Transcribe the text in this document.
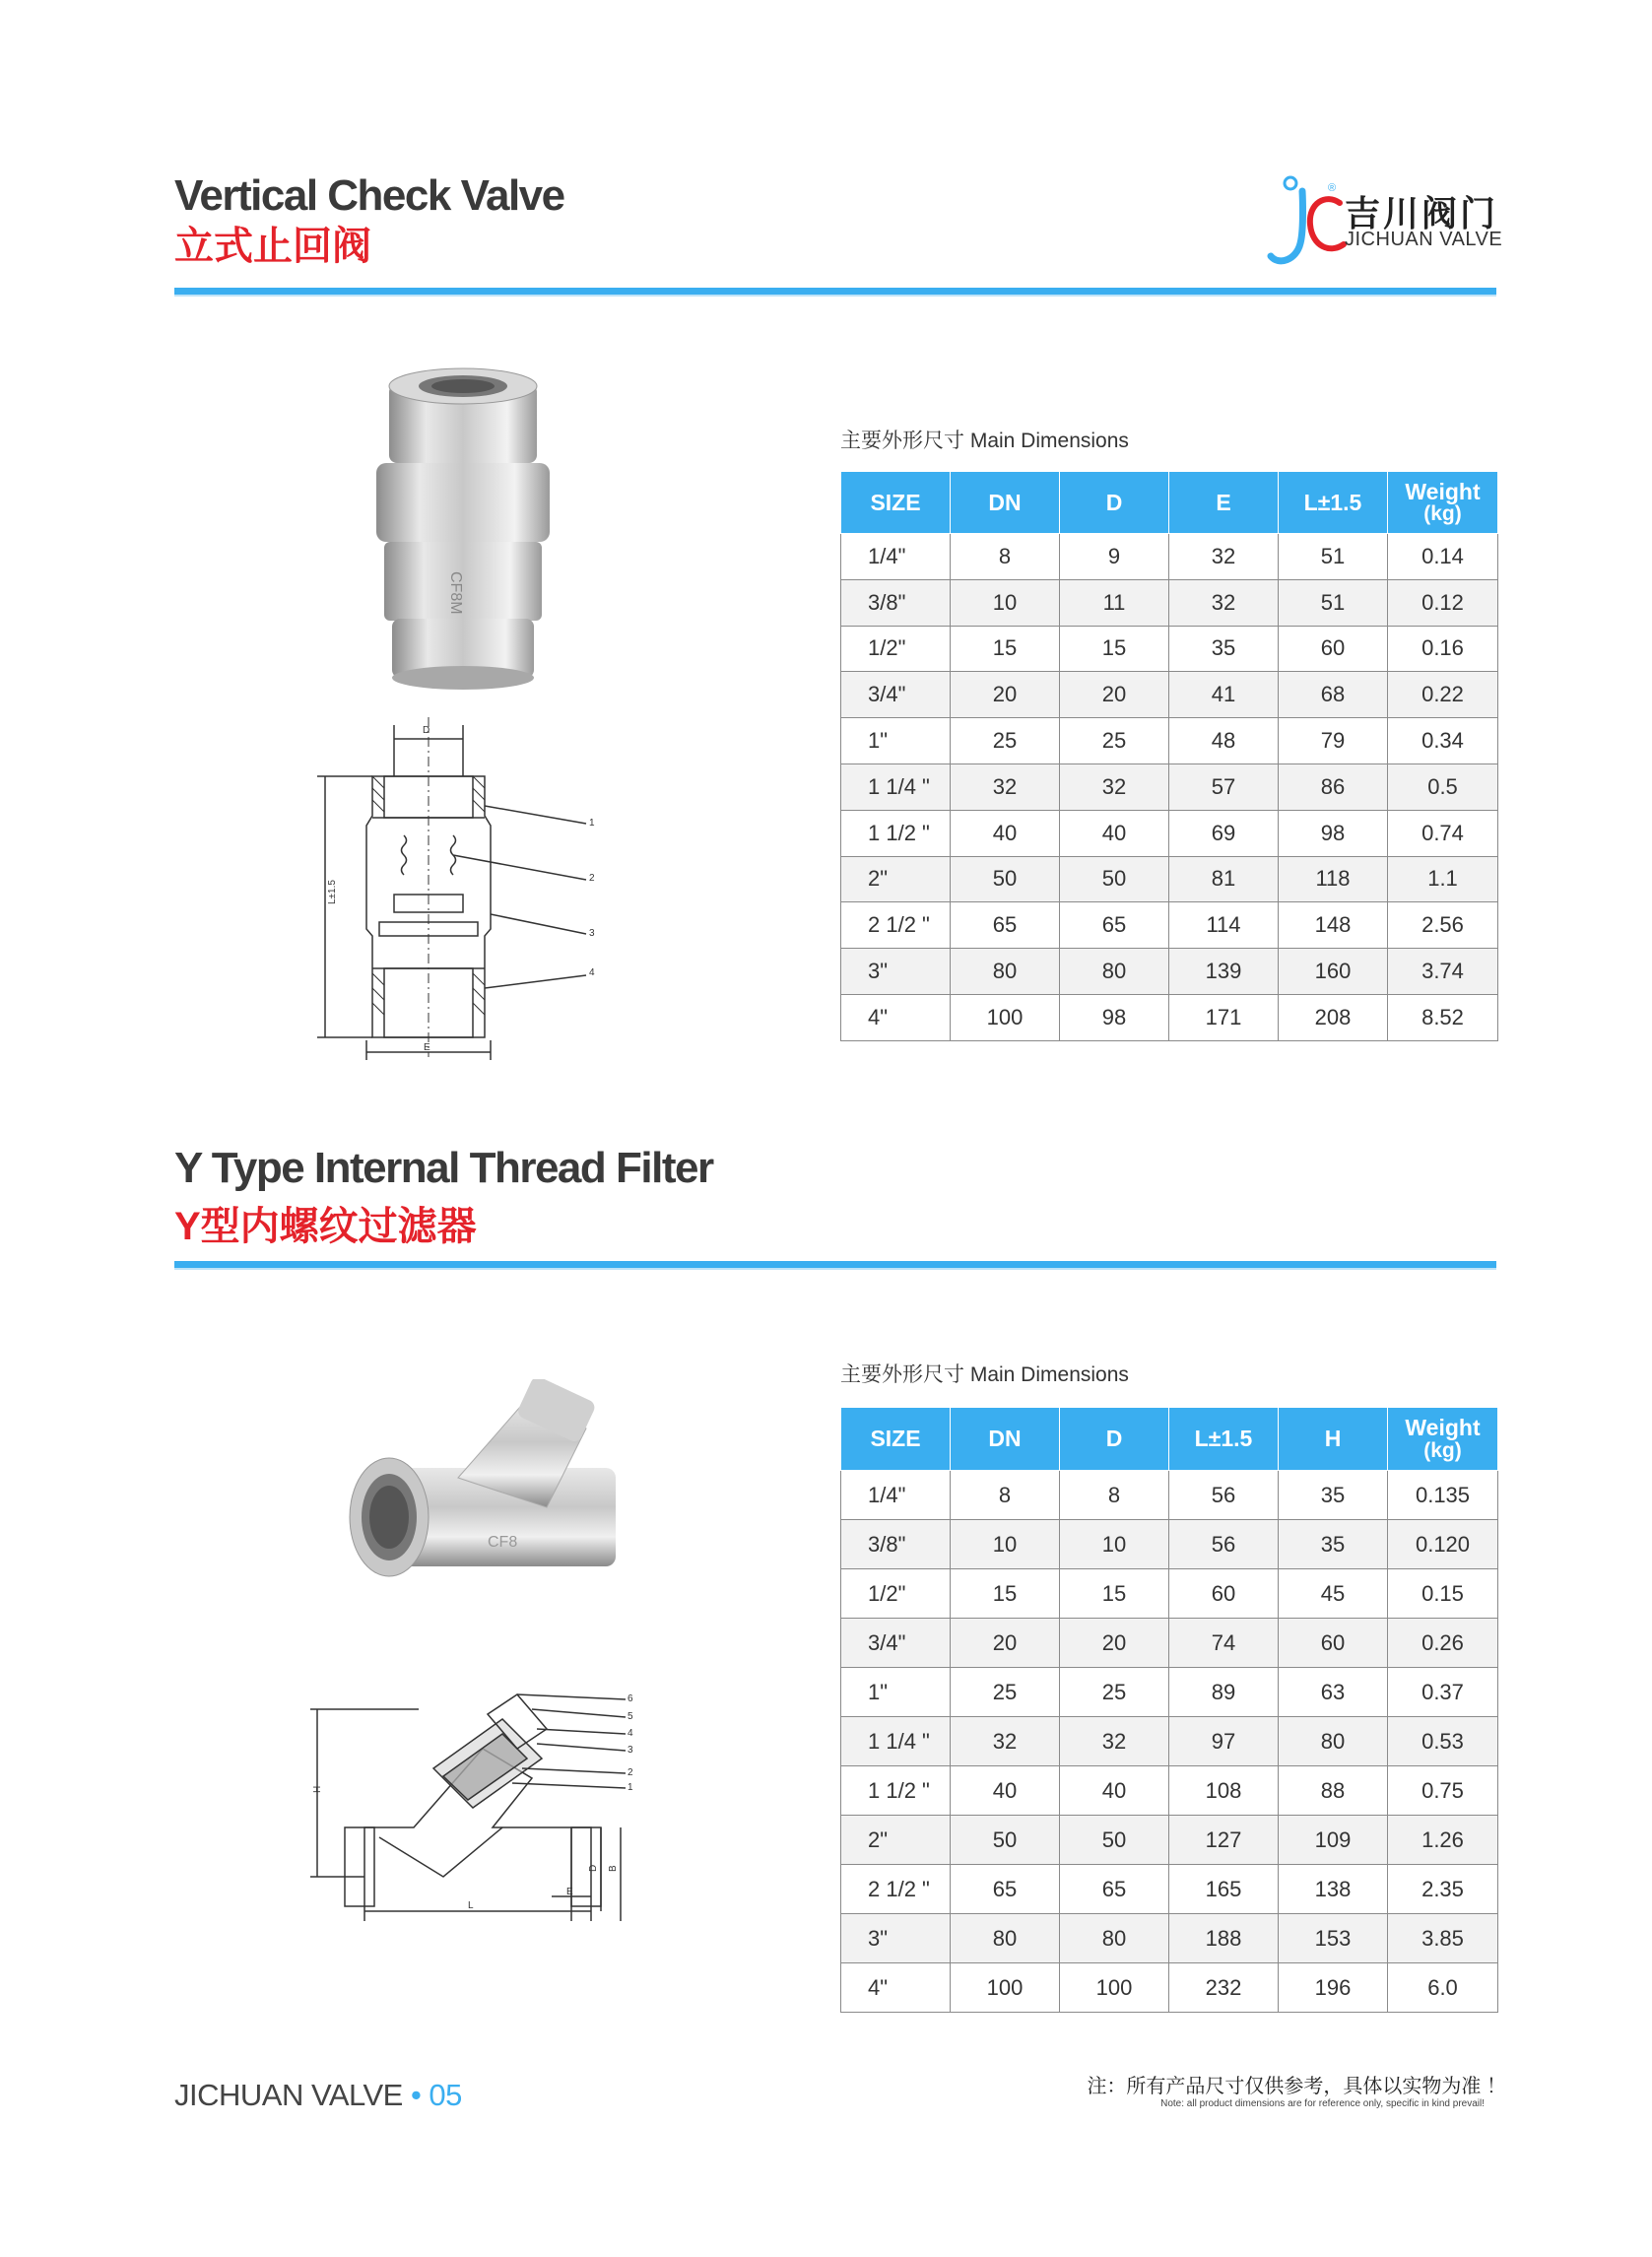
Vertical Check Valve
立式止回阀
®
吉川阀门
JICHUAN VALVE
CF8M
D
L±1.5
E
1
2
3
4
主要外形尺寸 Main Dimensions
SIZE	DN	D	E	L±1.5	Weight
(kg)

1/4"	8	9	32	51	0.14
3/8"	10	11	32	51	0.12
1/2"	15	15	35	60	0.16
3/4"	20	20	41	68	0.22
1"	25	25	48	79	0.34
1 1/4 "	32	32	57	86	0.5
1 1/2 "	40	40	69	98	0.74
2"	50	50	81	118	1.1
2 1/2 "	65	65	114	148	2.56
3"	80	80	139	160	3.74
4"	100	98	171	208	8.52
Y Type Internal Thread Filter
Y型内螺纹过滤器
CF8
H
L
E
D B
6
5
4
3
2
1
主要外形尺寸 Main Dimensions
SIZE	DN	D	L±1.5	H	Weight
(kg)

1/4"	8	8	56	35	0.135
3/8"	10	10	56	35	0.120
1/2"	15	15	60	45	0.15
3/4"	20	20	74	60	0.26
1"	25	25	89	63	0.37
1 1/4 "	32	32	97	80	0.53
1 1/2 "	40	40	108	88	0.75
2"	50	50	127	109	1.26
2 1/2 "	65	65	165	138	2.35
3"	80	80	188	153	3.85
4"	100	100	232	196	6.0
JICHUAN VALVE • 05	注：所有产品尺寸仅供参考，具体以实物为准 ！
Note: all product dimensions are for reference only, specific in kind prevail!
